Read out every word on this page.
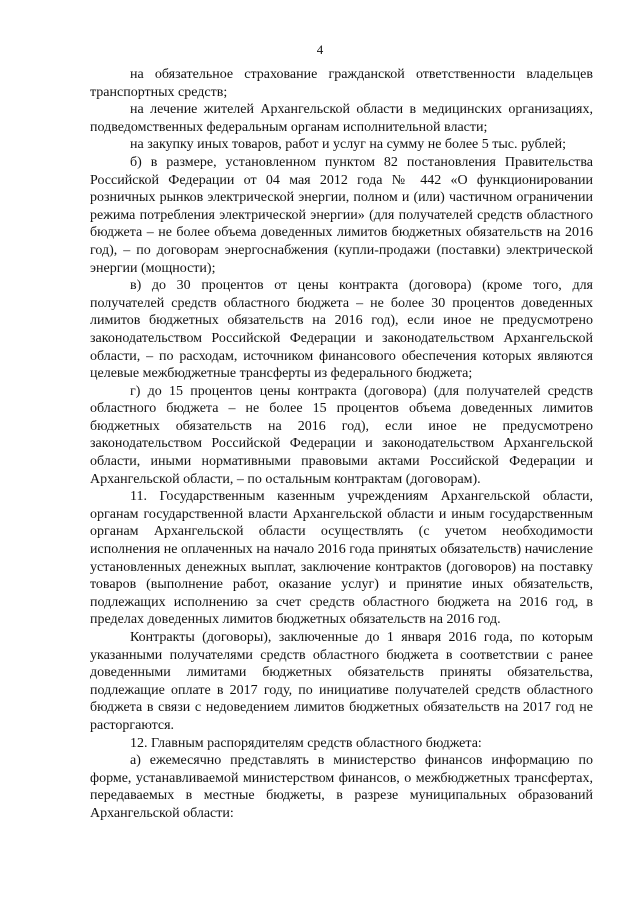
4

на обязательное страхование гражданской ответственности владельцев транспортных средств;

на лечение жителей Архангельской области в медицинских организациях, подведомственных федеральным органам исполнительной власти;

на закупку иных товаров, работ и услуг на сумму не более 5 тыс. рублей;

б) в размере, установленном пунктом 82 постановления Правительства Российской Федерации от 04 мая 2012 года № 442 «О функционировании розничных рынков электрической энергии, полном и (или) частичном ограничении режима потребления электрической энергии» (для получателей средств областного бюджета – не более объема доведенных лимитов бюджетных обязательств на 2016 год), – по договорам энергоснабжения (купли-продажи (поставки) электрической энергии (мощности);

в) до 30 процентов от цены контракта (договора) (кроме того, для получателей средств областного бюджета – не более 30 процентов доведенных лимитов бюджетных обязательств на 2016 год), если иное не предусмотрено законодательством Российской Федерации и законодательством Архангельской области, – по расходам, источником финансового обеспечения которых являются целевые межбюджетные трансферты из федерального бюджета;

г) до 15 процентов цены контракта (договора) (для получателей средств областного бюджета – не более 15 процентов объема доведенных лимитов бюджетных обязательств на 2016 год), если иное не предусмотрено законодательством Российской Федерации и законодательством Архангельской области, иными нормативными правовыми актами Российской Федерации и Архангельской области, – по остальным контрактам (договорам).

11. Государственным казенным учреждениям Архангельской области, органам государственной власти Архангельской области и иным государственным органам Архангельской области осуществлять (с учетом необходимости исполнения не оплаченных на начало 2016 года принятых обязательств) начисление установленных денежных выплат, заключение контрактов (договоров) на поставку товаров (выполнение работ, оказание услуг) и принятие иных обязательств, подлежащих исполнению за счет средств областного бюджета на 2016 год, в пределах доведенных лимитов бюджетных обязательств на 2016 год.

Контракты (договоры), заключенные до 1 января 2016 года, по которым указанными получателями средств областного бюджета в соответствии с ранее доведенными лимитами бюджетных обязательств приняты обязательства, подлежащие оплате в 2017 году, по инициативе получателей средств областного бюджета в связи с недоведением лимитов бюджетных обязательств на 2017 год не расторгаются.

12. Главным распорядителям средств областного бюджета:

а) ежемесячно представлять в министерство финансов информацию по форме, устанавливаемой министерством финансов, о межбюджетных трансфертах, передаваемых в местные бюджеты, в разрезе муниципальных образований Архангельской области:
